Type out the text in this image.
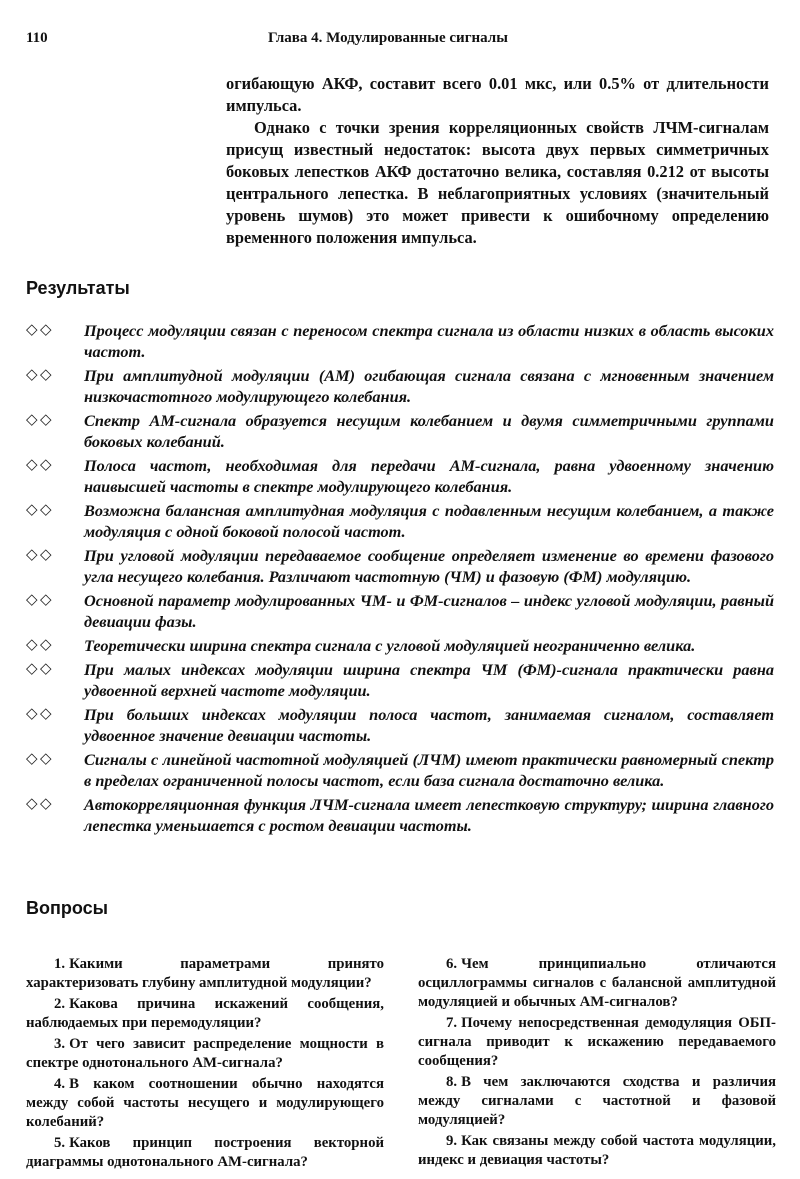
110	Глава 4. Модулированные сигналы

огибающую АКФ, составит всего 0.01 мкс, или 0.5% от длительности импульса.

Однако с точки зрения корреляционных свойств ЛЧМ-сигналам присущ известный недостаток: высота двух первых симметричных боковых лепестков АКФ достаточно велика, составляя 0.212 от высоты центрального лепестка. В неблагоприятных условиях (значительный уровень шумов) это может привести к ошибочному определению временного положения импульса.

Результаты
◇ ◇ Процесс модуляции связан с переносом спектра сигнала из области низких в область высоких частот.
◇ ◇ При амплитудной модуляции (АМ) огибающая сигнала связана с мгновенным значением низкочастотного модулирующего колебания.
◇ ◇ Спектр АМ-сигнала образуется несущим колебанием и двумя симметричными группами боковых колебаний.
◇ ◇ Полоса частот, необходимая для передачи АМ-сигнала, равна удвоенному значению наивысшей частоты в спектре модулирующего колебания.
◇ ◇ Возможна балансная амплитудная модуляция с подавленным несущим колебанием, а также модуляция с одной боковой полосой частот.
◇ ◇ При угловой модуляции передаваемое сообщение определяет изменение во времени фазового угла несущего колебания. Различают частотную (ЧМ) и фазовую (ФМ) модуляцию.
◇ ◇ Основной параметр модулированных ЧМ- и ФМ-сигналов – индекс угловой модуляции, равный девиации фазы.
◇ ◇ Теоретически ширина спектра сигнала с угловой модуляцией неограниченно велика.
◇ ◇ При малых индексах модуляции ширина спектра ЧМ (ФМ)-сигнала практически равна удвоенной верхней частоте модуляции.
◇ ◇ При больших индексах модуляции полоса частот, занимаемая сигналом, составляет удвоенное значение девиации частоты.
◇ ◇ Сигналы с линейной частотной модуляцией (ЛЧМ) имеют практически равномерный спектр в пределах ограниченной полосы частот, если база сигнала достаточно велика.
◇ ◇ Автокорреляционная функция ЛЧМ-сигнала имеет лепестковую структуру; ширина главного лепестка уменьшается с ростом девиации частоты.
Вопросы

1. Какими параметрами принято характеризовать глубину амплитудной модуляции?

2. Какова причина искажений сообщения, наблюдаемых при перемодуляции?

3. От чего зависит распределение мощности в спектре однотонального АМ-сигнала?

4. В каком соотношении обычно находятся между собой частоты несущего и модулирующего колебаний?

5. Каков принцип построения векторной диаграммы однотонального АМ-сигнала?

6. Чем принципиально отличаются осциллограммы сигналов с балансной амплитудной модуляцией и обычных АМ-сигналов?

7. Почему непосредственная демодуляция ОБП-сигнала приводит к искажению передаваемого сообщения?

8. В чем заключаются сходства и различия между сигналами с частотной и фазовой модуляцией?

9. Как связаны между собой частота модуляции, индекс и девиация частоты?
